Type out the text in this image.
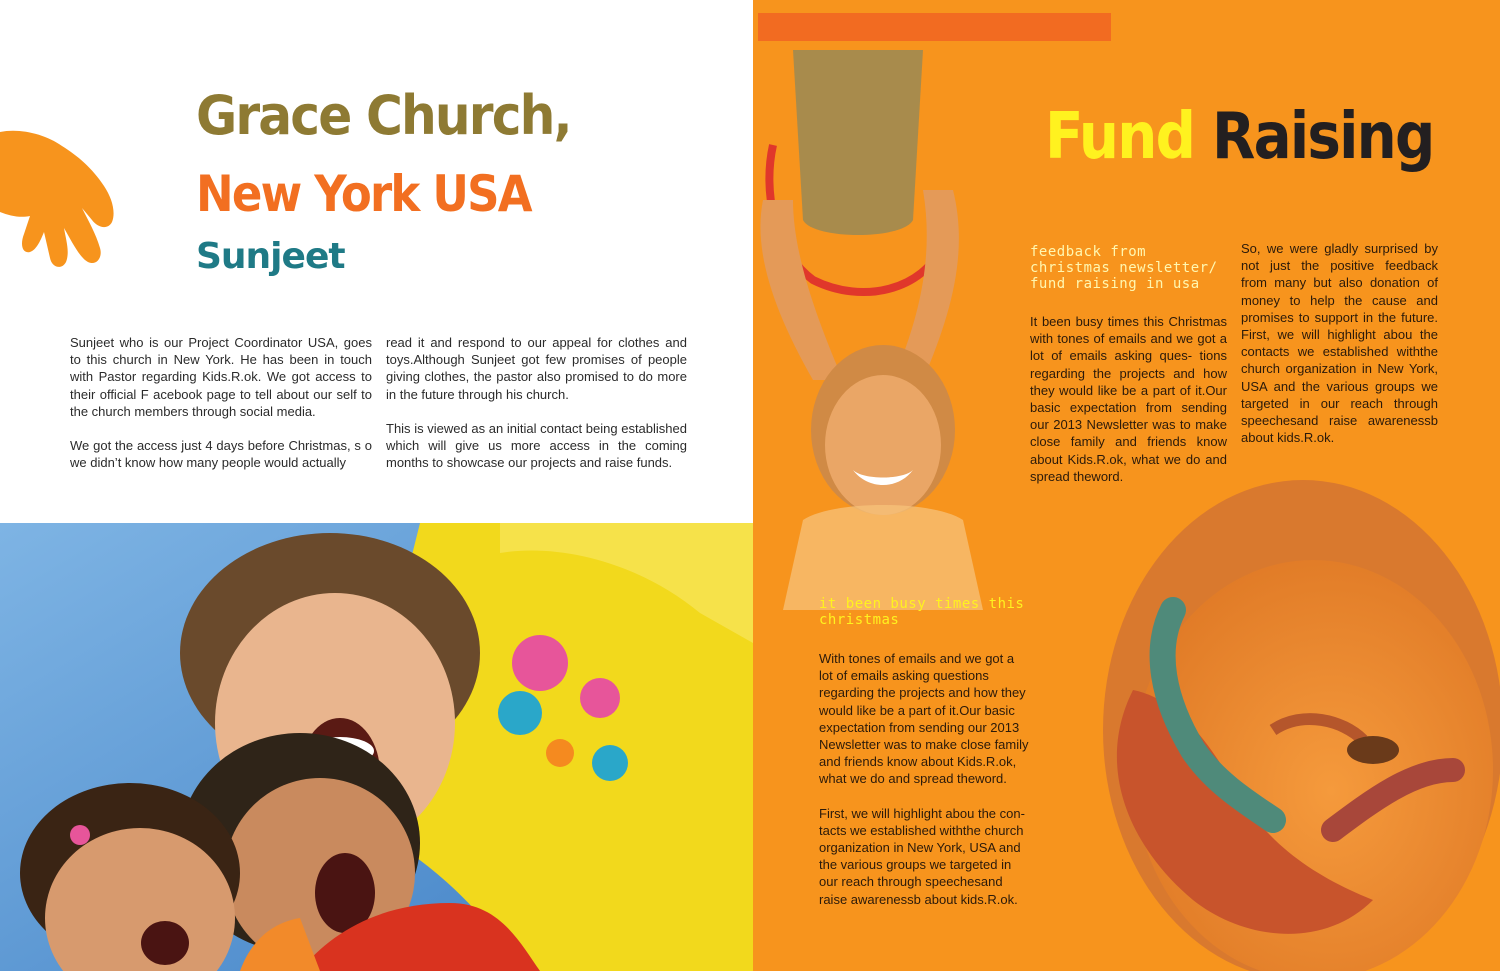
Grace Church,
New York USA
Sunjeet

Sunjeet who is our Project Coordinator USA, goes to this church in New York. He has been in touch with Pastor regarding Kids.R.ok. We got access to their official F acebook page to tell about our self to the church members through social media.

We got the access just 4 days before Christmas, s o we didn’t know how many people would actually

read it and respond to our appeal for clothes and toys.Although Sunjeet got few promises of people giving clothes, the pastor also promised to do more in the future through his church.

This is viewed as an initial contact being established which will give us more access in the coming months to showcase our projects and raise funds.

Fund Raising
feedback from christmas newsletter/
fund raising in usa

It been busy times this Christmas with tones of emails and we got a lot of emails asking ques- tions regarding the projects and how they would like be a part of it.Our basic expectation from sending our 2013 Newsletter was to make close family and friends know about Kids.R.ok, what we do and spread theword.

So, we were gladly surprised by not just the positive feedback from many but also donation of money to help the cause and promises to support in the future. First, we will highlight abou the contacts we established withthe church organization in New York, USA and the various groups we targeted in our reach through speechesand raise awarenessb about kids.R.ok.

it been busy times this christmas

With tones of emails and we got a lot of emails asking questions regarding the projects and how they would like be a part of it.Our basic expectation from sending our 2013 Newsletter was to make close family and friends know about Kids.R.ok, what we do and spread theword.

First, we will highlight abou the con- tacts we established withthe church organization in New York, USA and the various groups we targeted in our reach through speechesand raise awarenessb about kids.R.ok.
